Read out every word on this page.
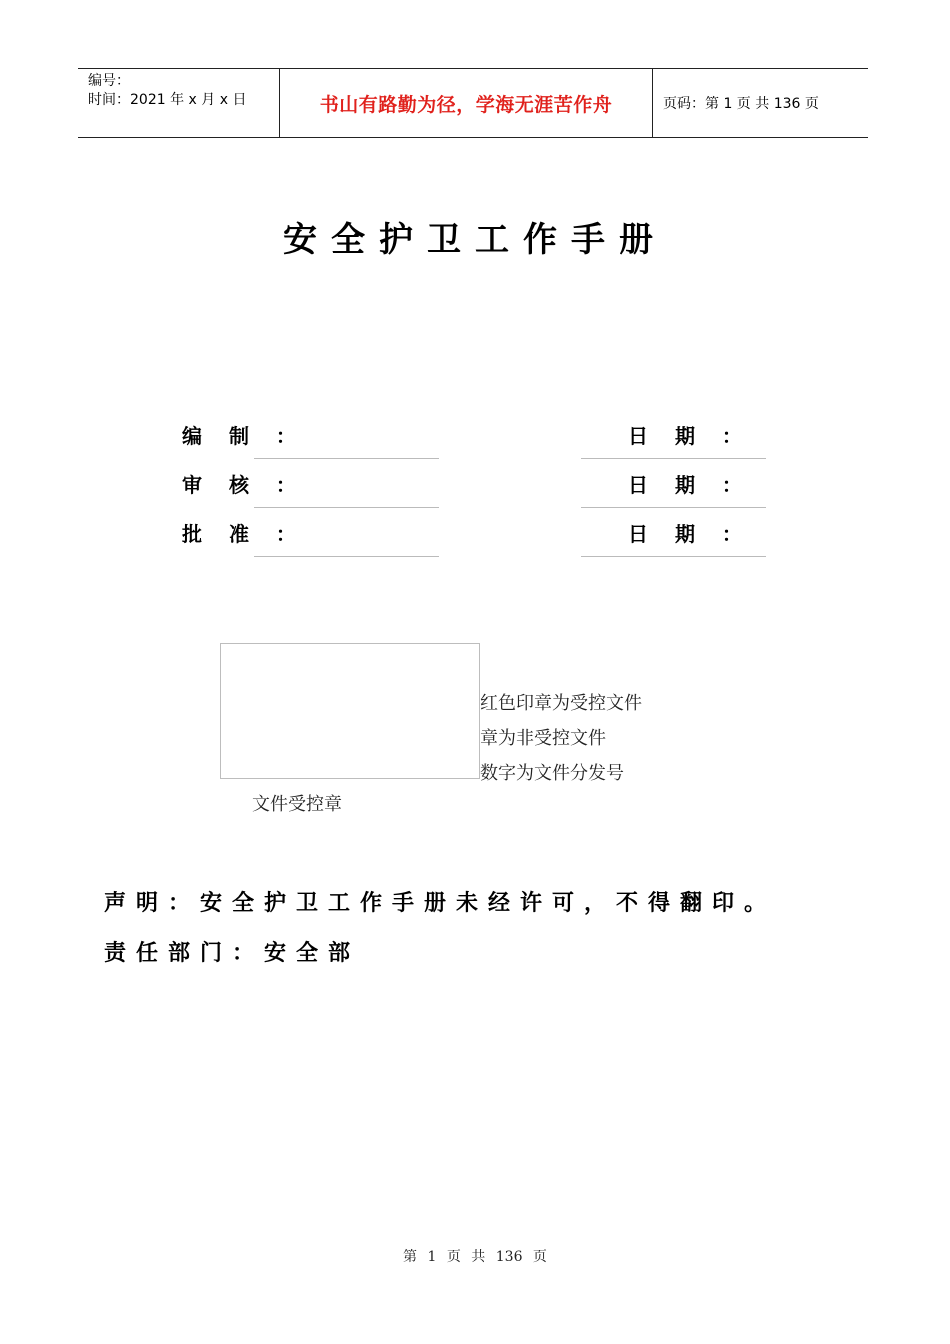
编号：
时间：2021 年 x 月 x 日	书山有路勤为径，学海无涯苦作舟	页码：第 1 页 共 136 页
安全护卫工作手册
编 制 ：	日 期 ：
审 核 ：	日 期 ：
批 准 ：	日 期 ：
红色印章为受控文件
章为非受控文件
数字为文件分发号
文件受控章
声明：安全护卫工作手册未经许可，不得翻印。
责任部门：安全部
第 1 页 共 136 页
